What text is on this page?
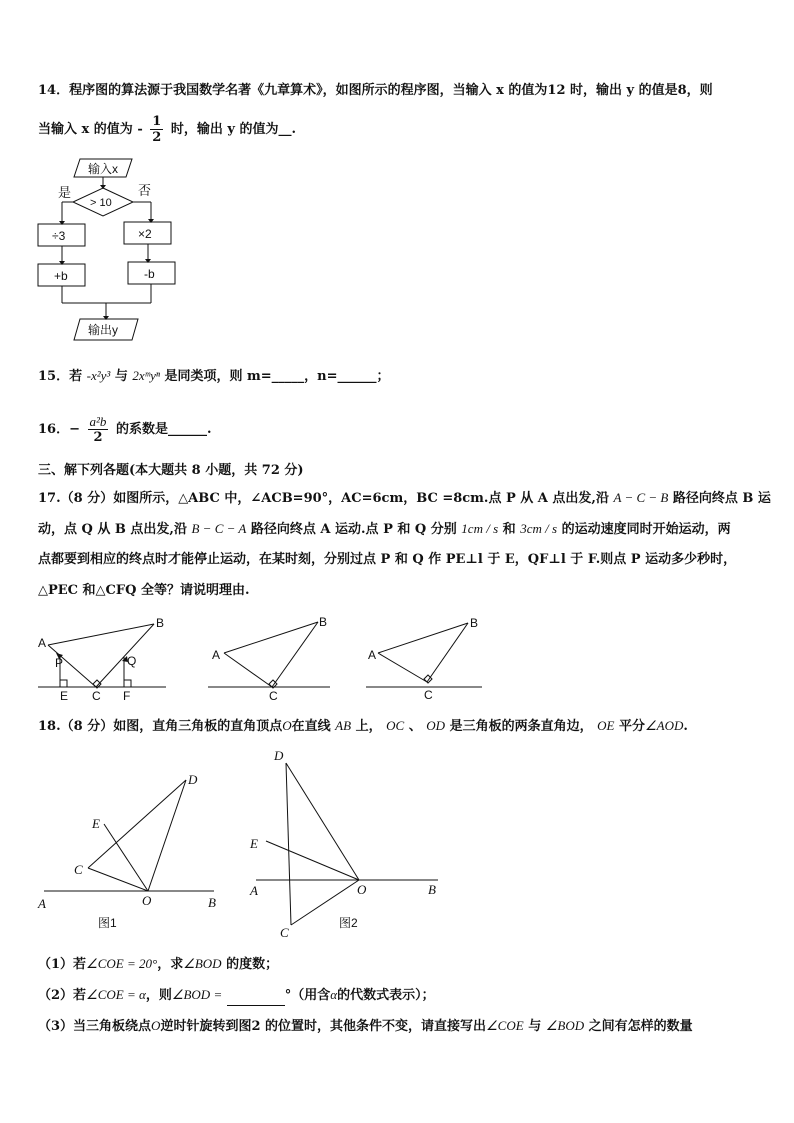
14．程序图的算法源于我国数学名著《九章算术》，如图所示的程序图，当输入 x 的值为12 时，输出 y 的值是8，则
当输入 x 的值为 - $\frac{1}{2}$ 时，输出 y 的值为__.
输入x
> 10
是	否
÷3	×2
+b	-b
输出y
15．若 -x²y³ 与 2xᵐyⁿ 是同类项，则 m=_____，n=______；
16．− $\frac{\text{a²b}}{2}$ 的系数是______.
三、解下列各题(本大题共 8 小题，共 72 分)
17.（8 分）如图所示，△ABC 中，∠ACB=90°，AC=6cm，BC =8cm.点 P 从 A 点出发,沿 A − C − B 路径向终点 B 运
动，点 Q 从 B 点出发,沿 B − C − A 路径向终点 A 运动.点 P 和 Q 分别 1cm / s 和 3cm / s 的运动速度同时开始运动，两
点都要到相应的终点时才能停止运动，在某时刻，分别过点 P 和 Q 作 PE⊥l 于 E，QF⊥l 于 F.则点 P 运动多少秒时，
△PEC 和△CFQ 全等？请说明理由.
A
B
P	Q
E C F
A
B
C
A
B
C
18.（8 分）如图，直角三角板的直角顶点O在直线 AB 上， OC 、 OD 是三角板的两条直角边， OE 平分∠AOD.
D
E
C
A	O	B
图1
D
E
A	O	B
C
图2
（1）若∠COE = 20°，求∠BOD 的度数；
（2）若∠COE = α，则∠BOD =	°（用含α的代数式表示）；
（3）当三角板绕点O逆时针旋转到图2 的位置时，其他条件不变，请直接写出∠COE 与 ∠BOD 之间有怎样的数量
